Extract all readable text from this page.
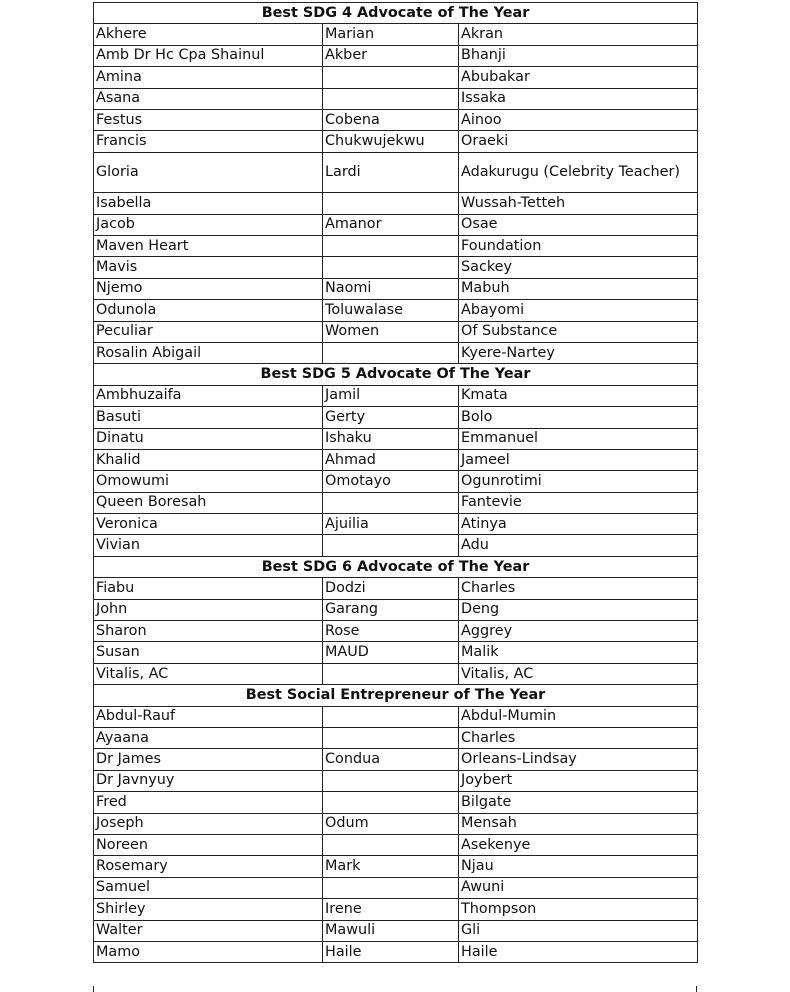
Best SDG 4 Advocate of The Year		
Akhere	Marian	Akran
Amb Dr Hc Cpa Shainul	Akber	Bhanji
Amina		Abubakar
Asana		Issaka
Festus	Cobena	Ainoo
Francis	Chukwujekwu	Oraeki
Gloria	Lardi	Adakurugu (Celebrity Teacher)
Isabella		Wussah-Tetteh
Jacob	Amanor	Osae
Maven Heart		Foundation
Mavis		Sackey
Njemo	Naomi	Mabuh
Odunola	Toluwalase	Abayomi
Peculiar	Women	Of Substance
Rosalin Abigail		Kyere-Nartey
Best SDG 5 Advocate Of The Year		
Ambhuzaifa	Jamil	Kmata
Basuti	Gerty	Bolo
Dinatu	Ishaku	Emmanuel
Khalid	Ahmad	Jameel
Omowumi	Omotayo	Ogunrotimi
Queen Boresah		Fantevie
Veronica	Ajuilia	Atinya
Vivian		Adu
Best SDG 6 Advocate of The Year		
Fiabu	Dodzi	Charles
John	Garang	Deng
Sharon	Rose	Aggrey
Susan	MAUD	Malik
Vitalis, AC		Vitalis, AC
Best Social Entrepreneur of The Year		
Abdul-Rauf		Abdul-Mumin
Ayaana		Charles
Dr James	Condua	Orleans-Lindsay
Dr Javnyuy		Joybert
Fred		Bilgate
Joseph	Odum	Mensah
Noreen		Asekenye
Rosemary	Mark	Njau
Samuel		Awuni
Shirley	Irene	Thompson
Walter	Mawuli	Gli
Mamo	Haile	Haile
